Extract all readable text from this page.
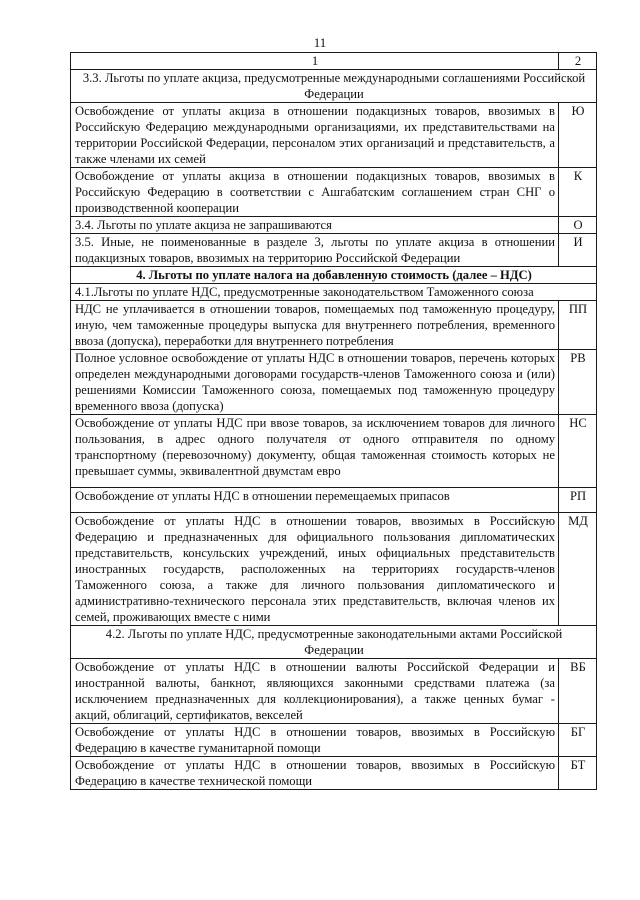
11
1	2
3.3. Льготы по уплате акциза, предусмотренные международными соглашениями Российской Федерации	
Освобождение от уплаты акциза в отношении подакцизных товаров, ввозимых в Российскую Федерацию международными организациями, их представительствами на территории Российской Федерации, персоналом этих организаций и представительств, а также членами их семей	Ю
Освобождение от уплаты акциза в отношении подакцизных товаров, ввозимых в Российскую Федерацию в соответствии с Ашгабатским соглашением стран СНГ о производственной кооперации	К
3.4. Льготы по уплате акциза не запрашиваются	О
3.5. Иные, не поименованные в разделе 3, льготы по уплате акциза в отношении подакцизных товаров, ввозимых на территорию Российской Федерации	И
4. Льготы по уплате налога на добавленную стоимость (далее – НДС)	
4.1.Льготы по уплате НДС, предусмотренные законодательством Таможенного союза	
НДС не уплачивается в отношении товаров, помещаемых под таможенную процедуру, иную, чем таможенные процедуры выпуска для внутреннего потребления, временного ввоза (допуска), переработки для внутреннего потребления	ПП
Полное условное освобождение от уплаты НДС в отношении товаров, перечень которых определен международными договорами государств-членов Таможенного союза и (или) решениями Комиссии Таможенного союза, помещаемых под таможенную процедуру временного ввоза (допуска)	РВ
Освобождение от уплаты НДС при ввозе товаров, за исключением товаров для личного пользования, в адрес одного получателя от одного отправителя по одному транспортному (перевозочному) документу, общая таможенная стоимость которых не превышает суммы, эквивалентной двумстам евро	НС
Освобождение от уплаты НДС в отношении перемещаемых припасов	РП
Освобождение от уплаты НДС в отношении товаров, ввозимых в Российскую Федерацию и предназначенных для официального пользования дипломатических представительств, консульских учреждений, иных официальных представительств иностранных государств, расположенных на территориях государств-членов Таможенного союза, а также для личного пользования дипломатического и административно-технического персонала этих представительств, включая членов их семей, проживающих вместе с ними	МД
4.2. Льготы по уплате НДС, предусмотренные законодательными актами Российской Федерации	
Освобождение от уплаты НДС в отношении валюты Российской Федерации и иностранной валюты, банкнот, являющихся законными средствами платежа (за исключением предназначенных для коллекционирования), а также ценных бумаг - акций, облигаций, сертификатов, векселей	ВБ
Освобождение от уплаты НДС в отношении товаров, ввозимых в Российскую Федерацию в качестве гуманитарной помощи	БГ
Освобождение от уплаты НДС в отношении товаров, ввозимых в Российскую Федерацию в качестве технической помощи	БТ
